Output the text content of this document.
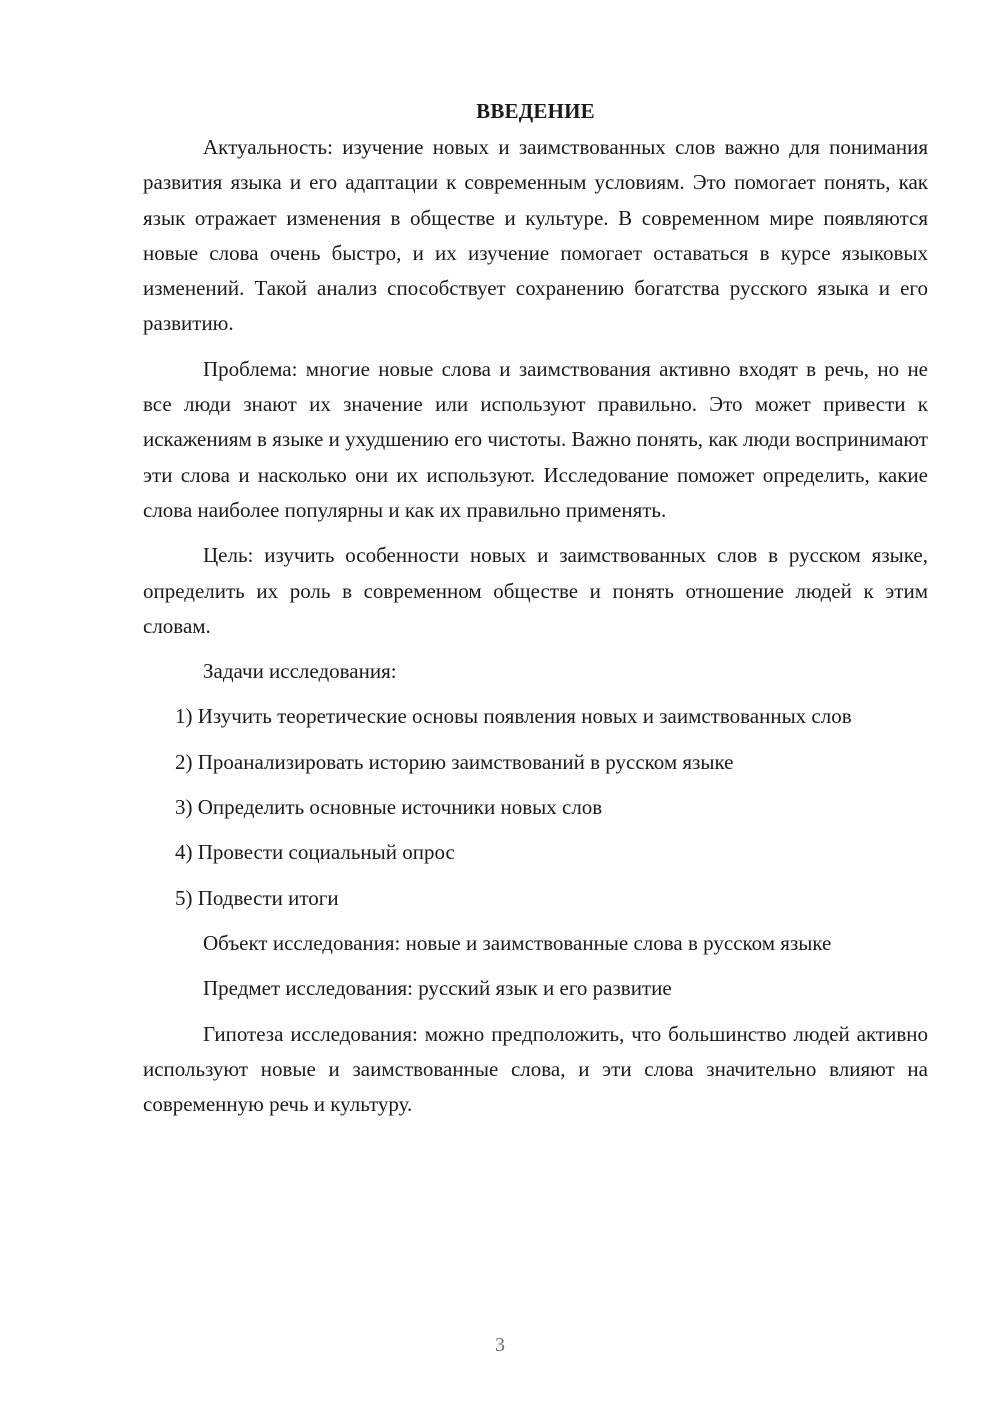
ВВЕДЕНИЕ

Актуальность: изучение новых и заимствованных слов важно для понимания развития языка и его адаптации к современным условиям. Это помогает понять, как язык отражает изменения в обществе и культуре. В современном мире появляются новые слова очень быстро, и их изучение помогает оставаться в курсе языковых изменений. Такой анализ способствует сохранению богатства русского языка и его развитию.

Проблема: многие новые слова и заимствования активно входят в речь, но не все люди знают их значение или используют правильно. Это может привести к искажениям в языке и ухудшению его чистоты. Важно понять, как люди воспринимают эти слова и насколько они их используют. Исследование поможет определить, какие слова наиболее популярны и как их правильно применять.

Цель: изучить особенности новых и заимствованных слов в русском языке, определить их роль в современном обществе и понять отношение людей к этим словам.

Задачи исследования:

1) Изучить теоретические основы появления новых и заимствованных слов

2) Проанализировать историю заимствований в русском языке

3) Определить основные источники новых слов

4) Провести социальный опрос

5) Подвести итоги

Объект исследования: новые и заимствованные слова в русском языке

Предмет исследования: русский язык и его развитие

Гипотеза исследования: можно предположить, что большинство людей активно используют новые и заимствованные слова, и эти слова значительно влияют на современную речь и культуру.

3
